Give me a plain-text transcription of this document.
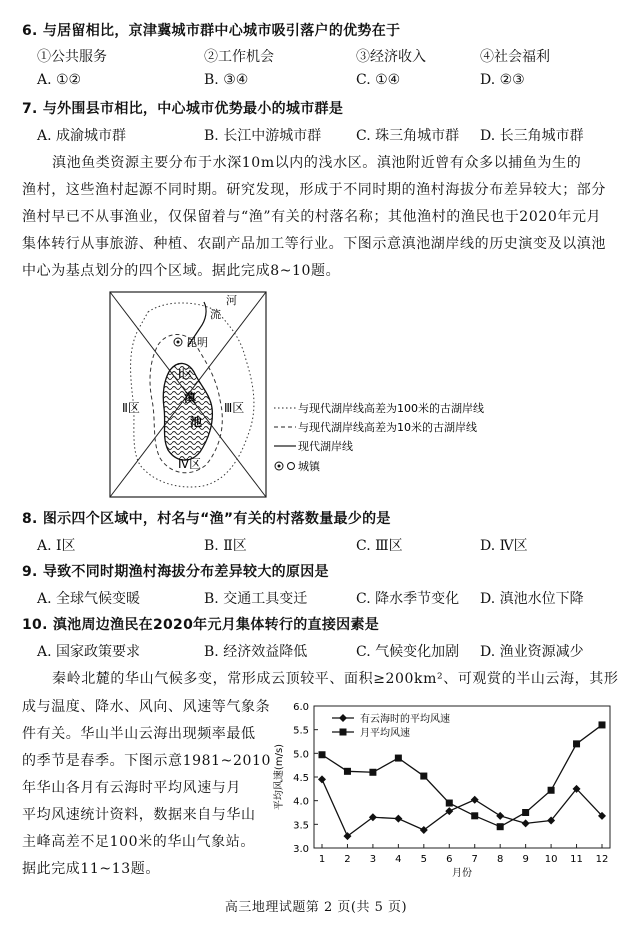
6. 与居留相比，京津冀城市群中心城市吸引落户的优势在于
①公共服务	②工作机会	③经济收入	④社会福利
A. ①②	B. ③④	C. ①④	D. ②③
7. 与外围县市相比，中心城市优势最小的城市群是
A. 成渝城市群	B. 长江中游城市群 C. 珠三角城市群 D. 长三角城市群
滇池鱼类资源主要分布于水深10m以内的浅水区。滇池附近曾有众多以捕鱼为生的
渔村，这些渔村起源不同时期。研究发现，形成于不同时期的渔村海拔分布差异较大；部分
渔村早已不从事渔业，仅保留着与“渔”有关的村落名称；其他渔村的渔民也于2020年元月
集体转行从事旅游、种植、农副产品加工等行业。下图示意滇池湖岸线的历史演变及以滇池
中心为基点划分的四个区域。据此完成8~10题。
河
流
昆明
Ⅰ区
Ⅱ区	Ⅲ区
Ⅳ区
滇
池
与现代湖岸线高差为100米的古湖岸线
与现代湖岸线高差为10米的古湖岸线
现代湖岸线
城镇
8. 图示四个区域中，村名与“渔”有关的村落数量最少的是
A. Ⅰ区	B. Ⅱ区	C. Ⅲ区	D. Ⅳ区
9. 导致不同时期渔村海拔分布差异较大的原因是
A. 全球气候变暖	B. 交通工具变迁	C. 降水季节变化 D. 滇池水位下降
10. 滇池周边渔民在2020年元月集体转行的直接因素是
A. 国家政策要求	B. 经济效益降低	C. 气候变化加剧 D. 渔业资源减少
秦岭北麓的华山气候多变，常形成云顶较平、面积≥200km²、可观赏的半山云海，其形
成与温度、降水、风向、风速等气象条
件有关。华山半山云海出现频率最低
的季节是春季。下图示意1981~2010
年华山各月有云海时平均风速与月
平均风速统计资料，数据来自与华山
主峰高差不足100米的华山气象站。
据此完成11~13题。
3.0
3.5
4.0
4.5
5.0
5.5
6.0
1 2 3 4 5 6 7 8 9 10 11 12
月份
平均风速(m/s)
有云海时的平均风速
月平均风速
高三地理试题第 2 页(共 5 页)
